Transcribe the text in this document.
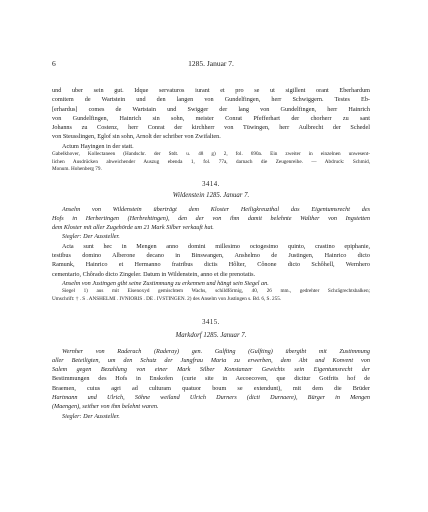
6	1285. Januar 7.
und uber sein gut. Idque servaturos iurant et pro se ut sigillent orant Eberhardum
comitem de Wartstein und den langen von Gundelfingen, herr Schwiggern. Testes Eb-
[erhardus] comes de Wartstain und Swigger der lang von Gundelfingen, herr Hainrich
von Gundelfingen, Hainrich sin sohn, meister Conrat Pfefferhart der chorherr zu sant
Johanns zu Costenz, herr Conrat der kirchherr von Tüwingen, herr Aulbrecht der Schedel
von Steusslingen, Eglof sin sohn, Arnolt der schriber von Zwifalten.
Actum Hayingen in der statt.
Gabelkhover, Kollectaneen (Handschr. der Stdt. u. 48 g) 2, fol. 690a. Ein zweiter in einzelnen unwesent-
lichen Ausdrücken abweichender Auszug ebenda 1, fol. 77a, darnach die Zeugenreihe. — Abdruck: Schmid,
Monum. Hohenberg 79.
3414.
Wildenstein 1285. Januar 7.
Anselm von Wildenstein überträgt dem Kloster Heiligkreuzthal das Eigentumsrecht des
Hofs in Herbertingen (Herbrehtingen), den der von ihm damit belehnte Walther von Ingstetten
dem Kloster mit aller Zugehörde um 21 Mark Silber verkauft hat.
Siegler: Der Aussteller.
Acta sunt hec in Mengen anno domini millesimo octogesimo quinto, crastino epiphanie,
testibus domino Alberone decano in Binswangen, Anshelmo de Justingen, Hainrico dicto
Ramunk, Hainrico et Hermanno fratribus dictis Hôlter, Cônone dicto Schôhell, Wernhero
cementario, Chôrado dicto Zingeler. Datum in Wildenstein, anno et die prenotatis.
Anselm von Justingen gibt seine Zustimmung zu erkennen und hängt sein Siegel an.
Siegel 1) aus mit Eisenoxyd gemischtem Wachs, schildförmig, 40, 26 mm., gedrehter Schrägrechtsbalken;
Umschrift: † . S . ANSHELMI . IVNIORIS . DE . IVSTINGEN. 2) des Anselm von Justingen s. Bd. 6, S. 255.
3415.
Markdorf 1285. Januar 7.
Wernher von Raderach (Raderay) gen. Gulfting (Gulfting) übergibt mit Zustimmung
aller Beteiligten, um den Schutz der Jungfrau Maria zu erwerben, dem Abt und Konvent von
Salem gegen Bezahlung von einer Mark Silber Konstanzer Gewichts sein Eigentumsrecht der
Bestimmungen des Hofs in Enskofen (curie site in Aecoecoven, que dicitur Gotfrits hof de
Braemen, cuius agri ad culturam quatuor boum se extendunt), mit dem die Brüder
Hartmann und Ulrich, Söhne weiland Ulrich Durners (dicti Durnaere), Bürger in Mengen
(Maengen), seither von ihm belehnt waren.
Siegler: Der Aussteller.
